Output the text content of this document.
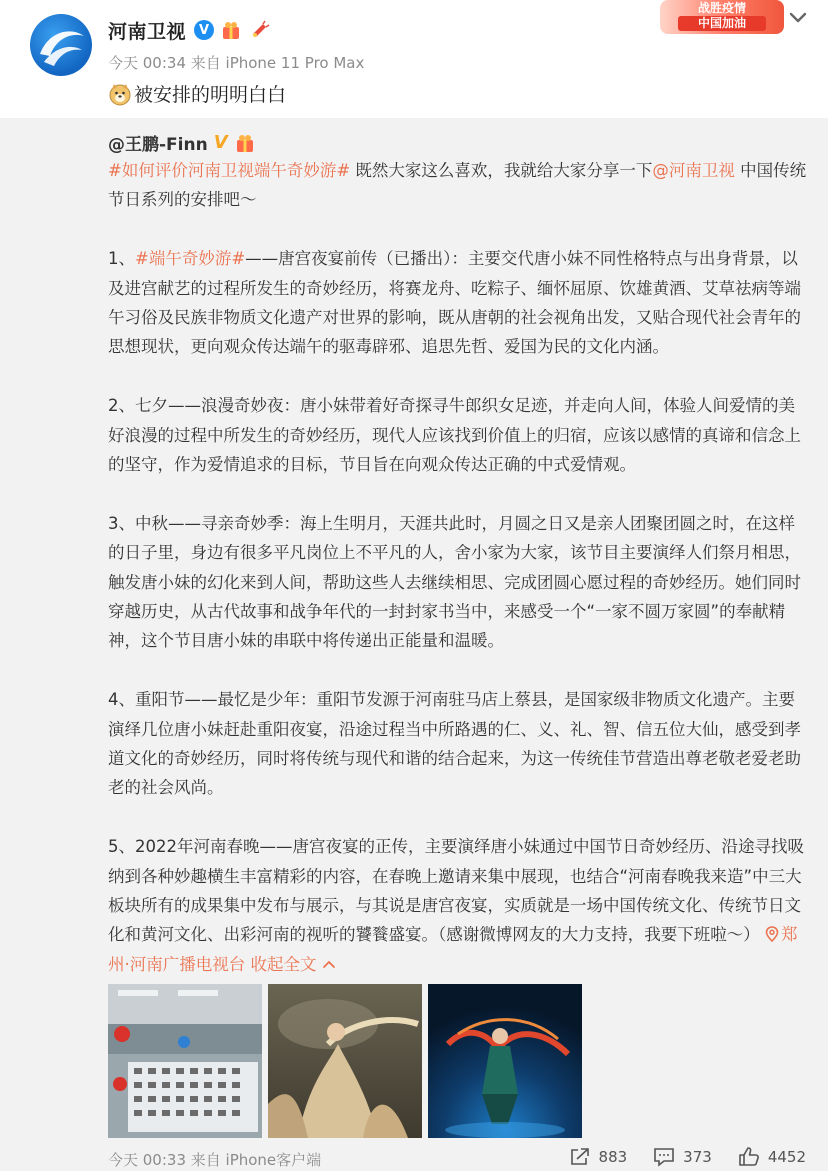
河南卫视 V
今天 00:34 来自 iPhone 11 Pro Max
被安排的明明白白
战胜疫情
中国加油
@王鹏-Finn V

#如何评价河南卫视端午奇妙游# 既然大家这么喜欢，我就给大家分享一下@河南卫视 中国传统节日系列的安排吧～

1、#端午奇妙游#——唐宫夜宴前传（已播出）：主要交代唐小妹不同性格特点与出身背景，以及进宫献艺的过程所发生的奇妙经历，将赛龙舟、吃粽子、缅怀屈原、饮雄黄酒、艾草祛病等端午习俗及民族非物质文化遗产对世界的影响，既从唐朝的社会视角出发，又贴合现代社会青年的思想现状，更向观众传达端午的驱毒辟邪、追思先哲、爱国为民的文化内涵。

2、七夕——浪漫奇妙夜：唐小妹带着好奇探寻牛郎织女足迹，并走向人间，体验人间爱情的美好浪漫的过程中所发生的奇妙经历，现代人应该找到价值上的归宿，应该以感情的真谛和信念上的坚守，作为爱情追求的目标，节目旨在向观众传达正确的中式爱情观。

3、中秋——寻亲奇妙季：海上生明月，天涯共此时，月圆之日又是亲人团聚团圆之时，在这样的日子里，身边有很多平凡岗位上不平凡的人，舍小家为大家，该节目主要演绎人们祭月相思，触发唐小妹的幻化来到人间，帮助这些人去继续相思、完成团圆心愿过程的奇妙经历。她们同时穿越历史，从古代故事和战争年代的一封封家书当中，来感受一个“一家不圆万家圆”的奉献精神，这个节目唐小妹的串联中将传递出正能量和温暖。

4、重阳节——最忆是少年：重阳节发源于河南驻马店上蔡县，是国家级非物质文化遗产。主要演绎几位唐小妹赶赴重阳夜宴，沿途过程当中所路遇的仁、义、礼、智、信五位大仙，感受到孝道文化的奇妙经历，同时将传统与现代和谐的结合起来，为这一传统佳节营造出尊老敬老爱老助老的社会风尚。

5、2022年河南春晚——唐宫夜宴的正传，主要演绎唐小妹通过中国节日奇妙经历、沿途寻找吸纳到各种妙趣横生丰富精彩的内容，在春晚上邀请来集中展现，也结合“河南春晚我来造”中三大板块所有的成果集中发布与展示，与其说是唐宫夜宴，实质就是一场中国传统文化、传统节日文化和黄河文化、出彩河南的视听的饕餮盛宴。（感谢微博网友的大力支持，我要下班啦～） 郑州·河南广播电视台 收起全文

今天 00:33 来自 iPhone客户端	883	373	4452
